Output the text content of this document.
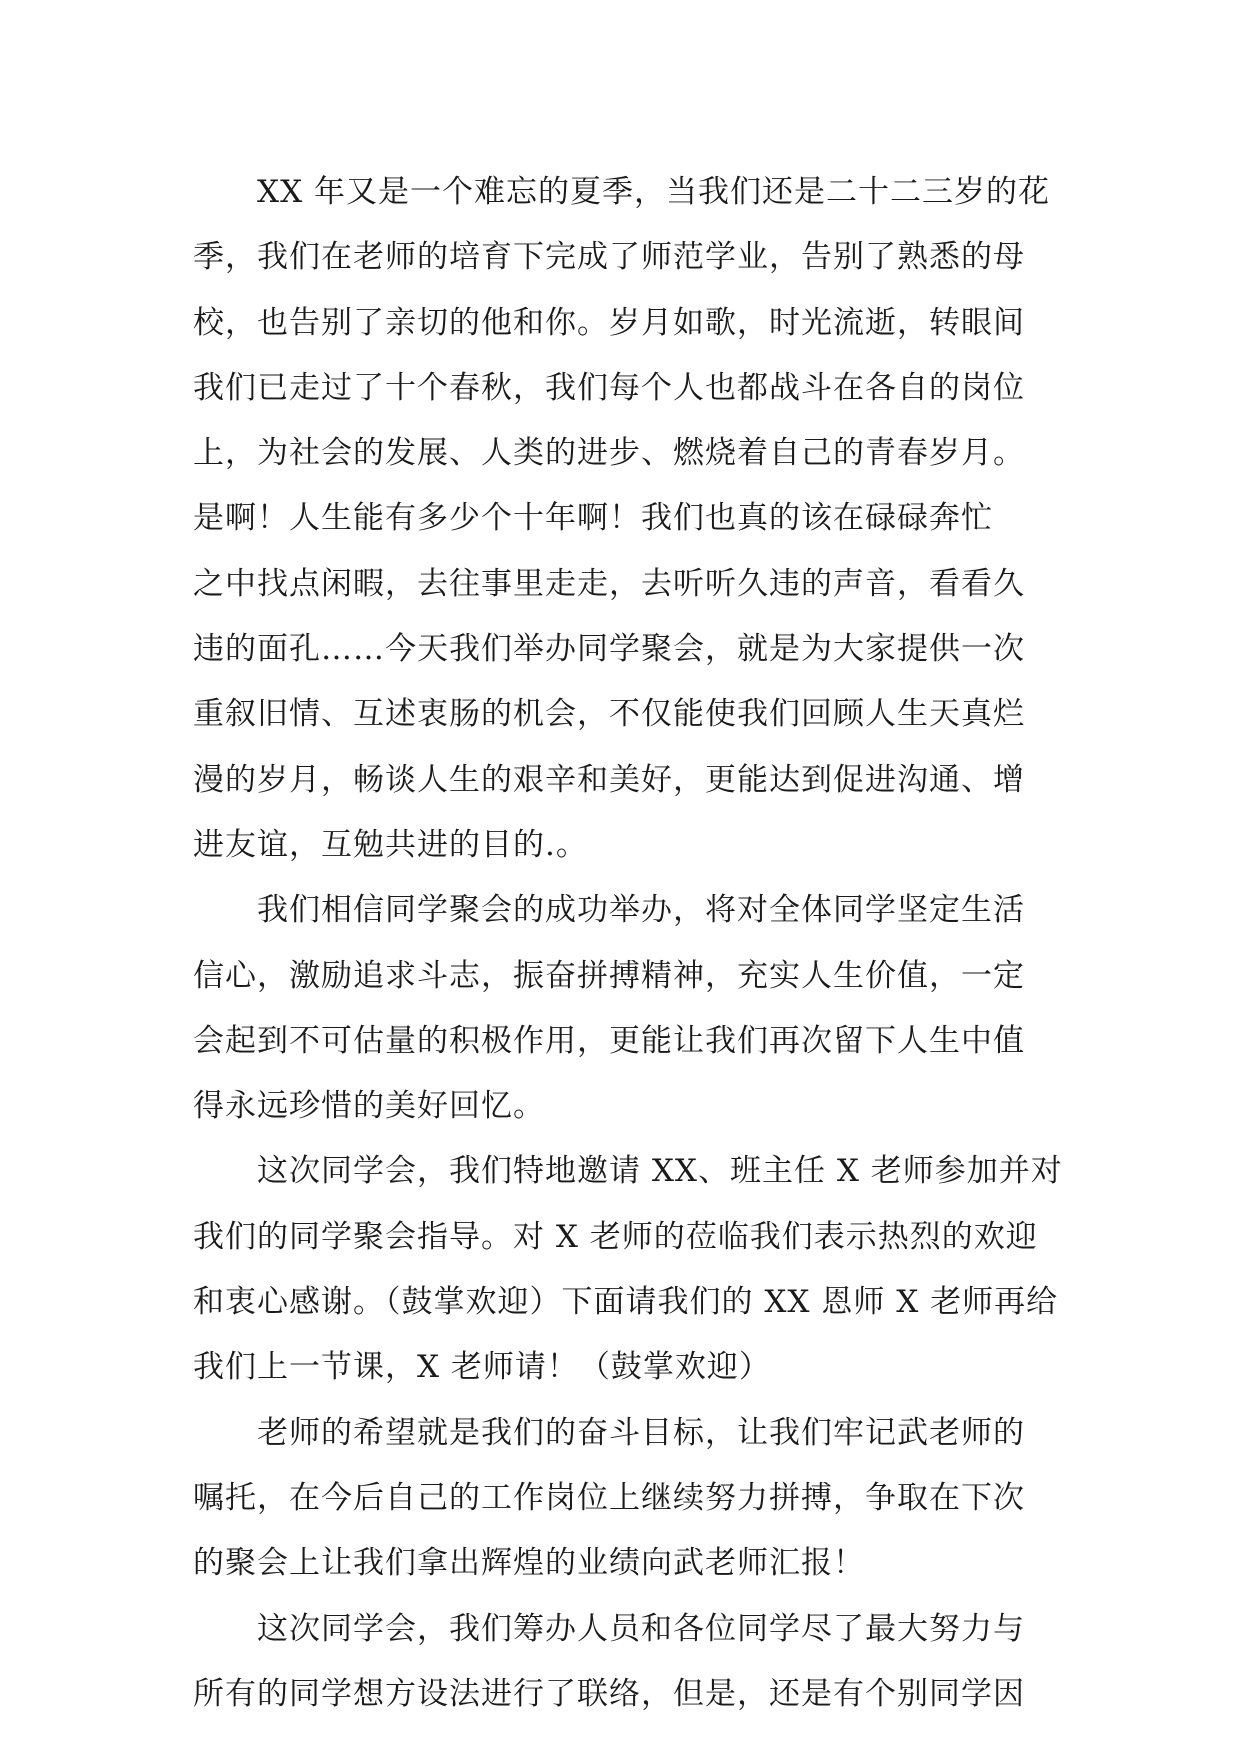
XX 年又是一个难忘的夏季，当我们还是二十二三岁的花
季，我们在老师的培育下完成了师范学业，告别了熟悉的母
校，也告别了亲切的他和你。岁月如歌，时光流逝，转眼间
我们已走过了十个春秋，我们每个人也都战斗在各自的岗位
上，为社会的发展、人类的进步、燃烧着自己的青春岁月。
是啊！人生能有多少个十年啊！我们也真的该在碌碌奔忙
之中找点闲暇，去往事里走走，去听听久违的声音，看看久
违的面孔……今天我们举办同学聚会，就是为大家提供一次
重叙旧情、互述衷肠的机会，不仅能使我们回顾人生天真烂
漫的岁月，畅谈人生的艰辛和美好，更能达到促进沟通、增
进友谊，互勉共进的目的.。
我们相信同学聚会的成功举办，将对全体同学坚定生活
信心，激励追求斗志，振奋拼搏精神，充实人生价值，一定
会起到不可估量的积极作用，更能让我们再次留下人生中值
得永远珍惜的美好回忆。
这次同学会，我们特地邀请 XX、班主任 X 老师参加并对
我们的同学聚会指导。对 X 老师的莅临我们表示热烈的欢迎
和衷心感谢。（鼓掌欢迎）下面请我们的 XX 恩师 X 老师再给
我们上一节课，X 老师请！（鼓掌欢迎）
老师的希望就是我们的奋斗目标，让我们牢记武老师的
嘱托，在今后自己的工作岗位上继续努力拼搏，争取在下次
的聚会上让我们拿出辉煌的业绩向武老师汇报！
这次同学会，我们筹办人员和各位同学尽了最大努力与
所有的同学想方设法进行了联络，但是，还是有个别同学因
